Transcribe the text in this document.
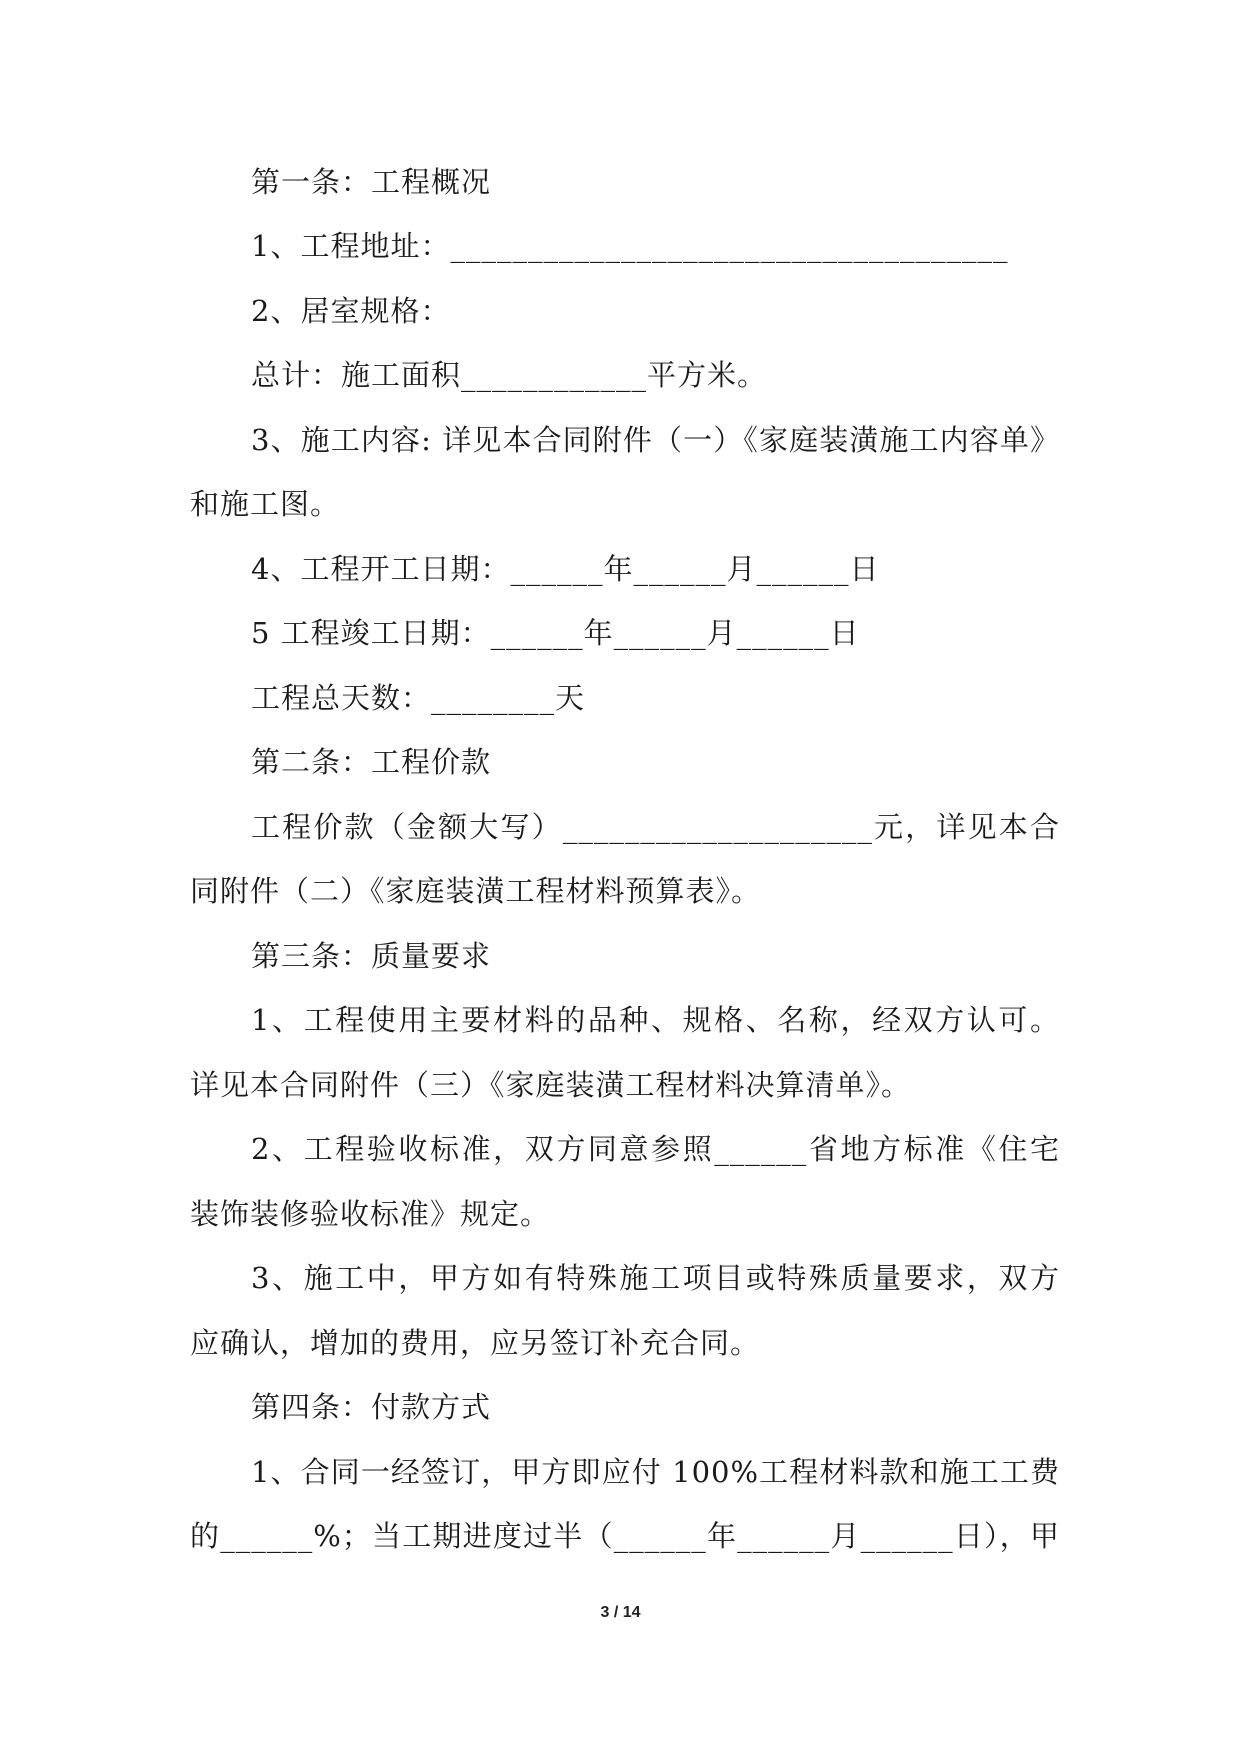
第一条：工程概况
1、工程地址：____________________________________
2、居室规格：
总计：施工面积____________平方米。
3、施工内容: 详见本合同附件（一）《家庭装潢施工内容单》
和施工图。
4、工程开工日期：______年______月______日
5 工程竣工日期：______年______月______日
工程总天数：________天
第二条：工程价款
工程价款（金额大写）____________________元，详见本合
同附件（二）《家庭装潢工程材料预算表》。
第三条：质量要求
1、工程使用主要材料的品种、规格、名称，经双方认可。
详见本合同附件（三）《家庭装潢工程材料决算清单》。
2、工程验收标准，双方同意参照______省地方标准《住宅
装饰装修验收标准》规定。
3、施工中，甲方如有特殊施工项目或特殊质量要求，双方
应确认，增加的费用，应另签订补充合同。
第四条：付款方式
1、合同一经签订，甲方即应付 100%工程材料款和施工工费
的______%；当工期进度过半（______年______月______日），甲
3 / 14
